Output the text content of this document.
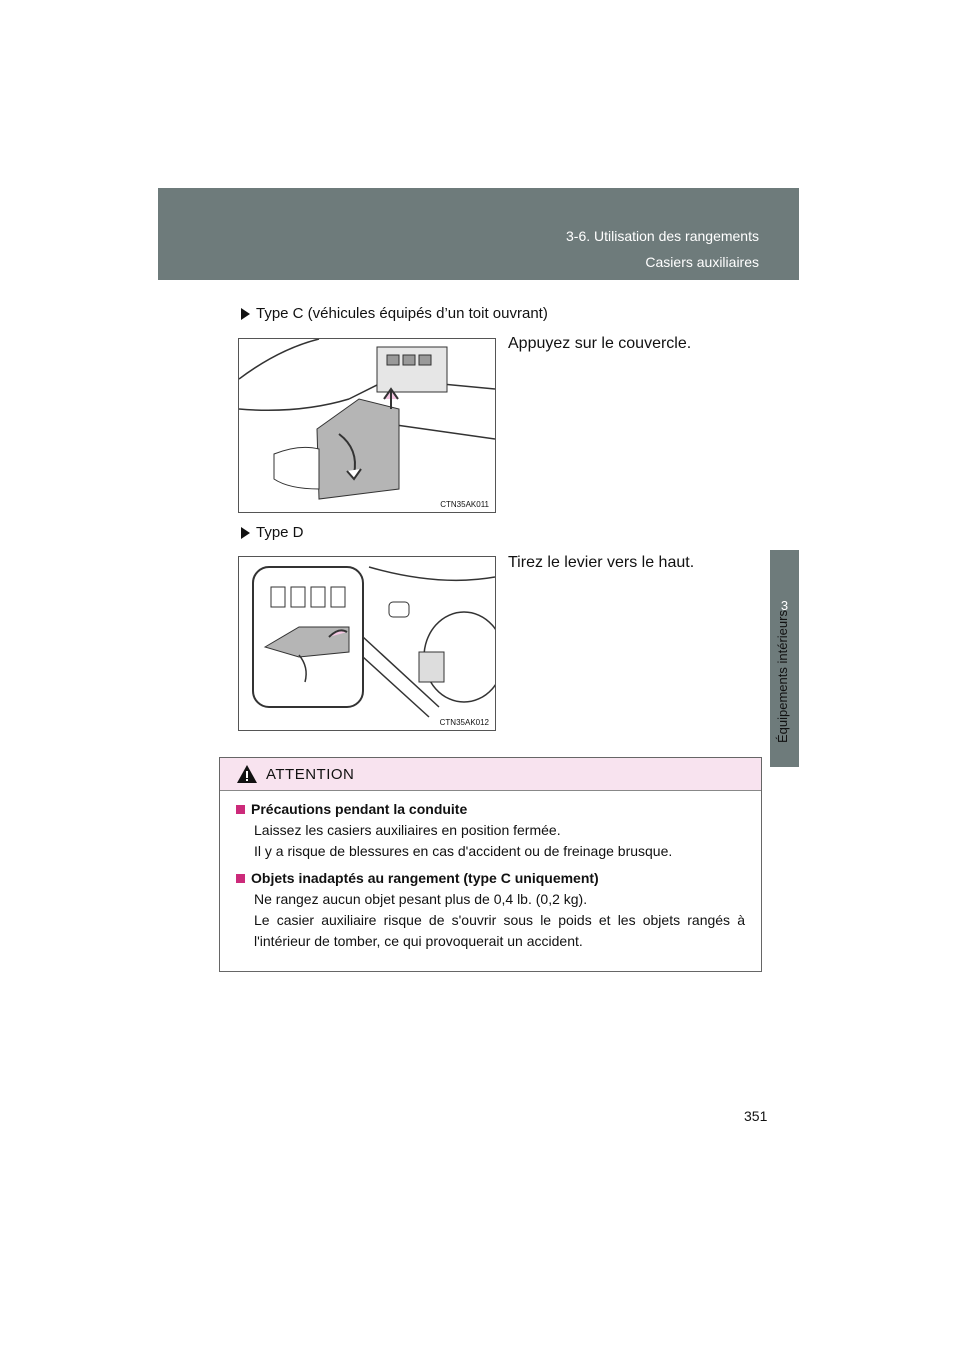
3-6. Utilisation des rangements
Casiers auxiliaires
3
Équipements intérieurs
Type C (véhicules équipés d’un toit ouvrant)
CTN35AK011
Appuyez sur le couvercle.
Type D
CTN35AK012
Tirez le levier vers le haut.
ATTENTION
Précautions pendant la conduite
Laissez les casiers auxiliaires en position fermée.
Il y a risque de blessures en cas d'accident ou de freinage brusque.
Objets inadaptés au rangement (type C uniquement)
Ne rangez aucun objet pesant plus de 0,4 lb. (0,2 kg).
Le casier auxiliaire risque de s'ouvrir sous le poids et les objets rangés à l'intérieur de tomber, ce qui provoquerait un accident.
351
